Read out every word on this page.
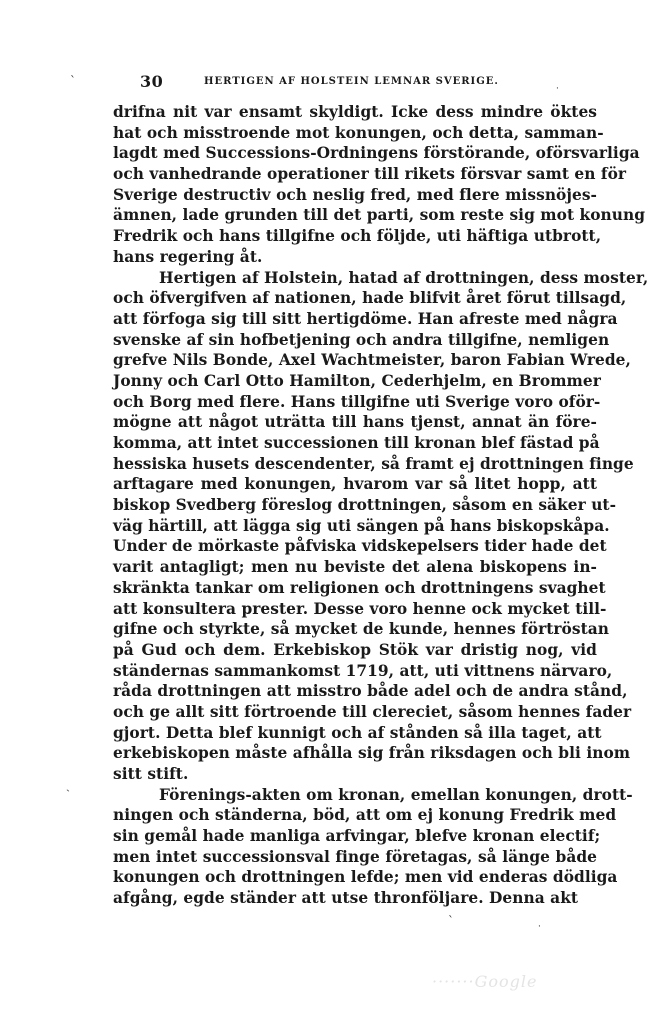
30	HERTIGEN AF HOLSTEIN LEMNAR SVERIGE.
drifna nit var ensamt skyldigt. Icke dess mindre öktes
hat och misstroende mot konungen, och detta, samman-
lagdt med Successions-Ordningens förstörande, oförsvarliga
och vanhedrande operationer till rikets försvar samt en för
Sverige destructiv och neslig fred, med flere missnöjes-
ämnen, lade grunden till det parti, som reste sig mot konung
Fredrik och hans tillgifne och följde, uti häftiga utbrott,
hans regering åt.
Hertigen af Holstein, hatad af drottningen, dess moster,
och öfvergifven af nationen, hade blifvit året förut tillsagd,
att förfoga sig till sitt hertigdöme. Han afreste med några
svenske af sin hofbetjening och andra tillgifne, nemligen
grefve Nils Bonde, Axel Wachtmeister, baron Fabian Wrede,
Jonny och Carl Otto Hamilton, Cederhjelm, en Brommer
och Borg med flere. Hans tillgifne uti Sverige voro oför-
mögne att något uträtta till hans tjenst, annat än före-
komma, att intet successionen till kronan blef fästad på
hessiska husets descendenter, så framt ej drottningen finge
arftagare med konungen, hvarom var så litet hopp, att
biskop Svedberg föreslog drottningen, såsom en säker ut-
väg härtill, att lägga sig uti sängen på hans biskopskåpa.
Under de mörkaste påfviska vidskepelsers tider hade det
varit antagligt; men nu beviste det alena biskopens in-
skränkta tankar om religionen och drottningens svaghet
att konsultera prester. Desse voro henne ock mycket till-
gifne och styrkte, så mycket de kunde, hennes förtröstan
på Gud och dem. Erkebiskop Stök var dristig nog, vid
ständernas sammankomst 1719, att, uti vittnens närvaro,
råda drottningen att misstro både adel och de andra stånd,
och ge allt sitt förtroende till clereciet, såsom hennes fader
gjort. Detta blef kunnigt och af stånden så illa taget, att
erkebiskopen måste afhålla sig från riksdagen och bli inom
sitt stift.
Förenings-akten om kronan, emellan konungen, drott-
ningen och ständerna, böd, att om ej konung Fredrik med
sin gemål hade manliga arfvingar, blefve kronan electif;
men intet successionsval finge företagas, så länge både
konungen och drottningen lefde; men vid enderas dödliga
afgång, egde ständer att utse thronföljare. Denna akt
ˋ
·
ˏ
ˋ	·
·······Google
